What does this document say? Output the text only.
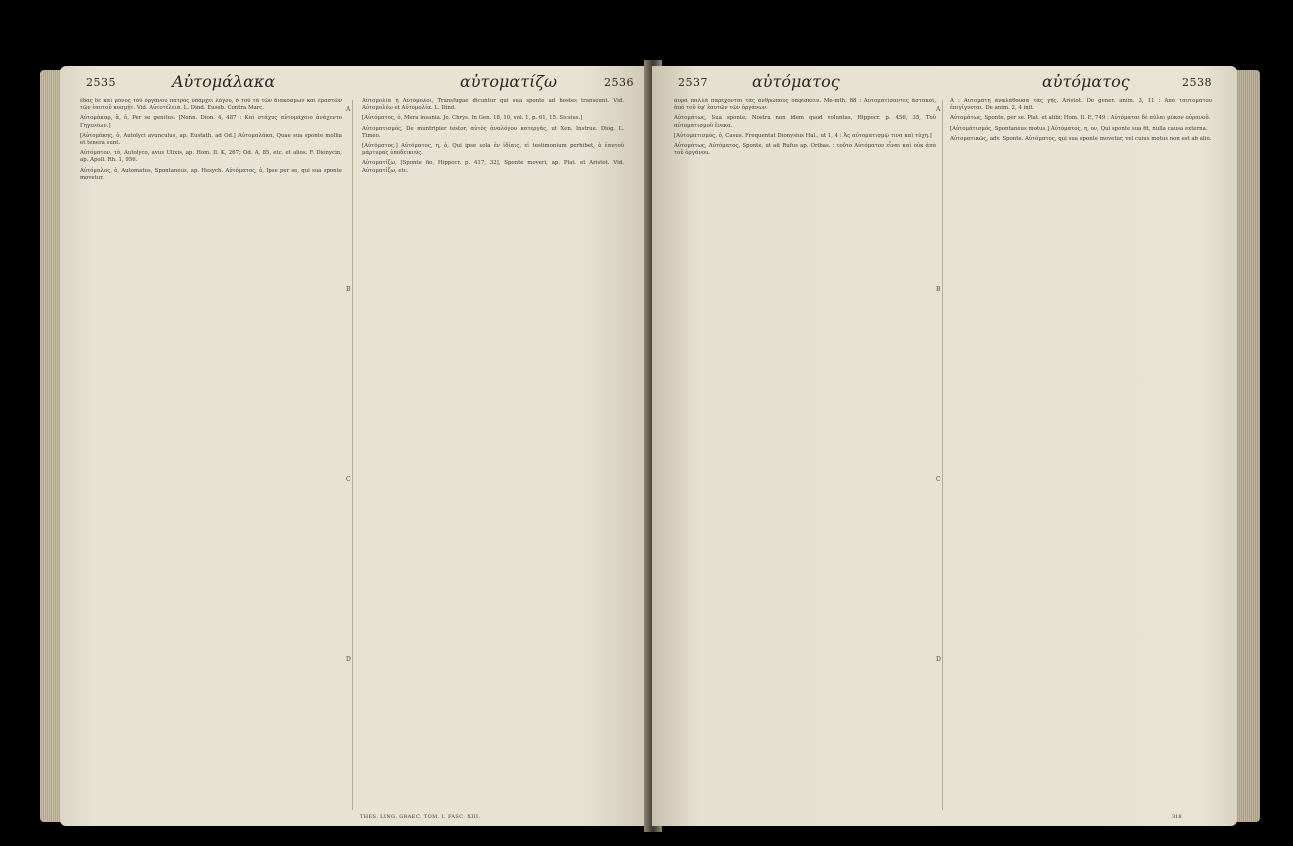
2535	Αὐτομάλακα	αὐτοματίζω	2536

ἔδας δὲ καὶ μόνος τοῦ ὀργάνου πατρὸς ὑπάρχει λόγου, ὁ τοῦ τὰ τῶν διακόσμων καὶ ἐραστῶν τῶν ἑαυτοῦ κοσμήτ. Vid. Αὐτοτέλεια. L. Dind. Euseb. Contra Marc.

Αὐτομάκαρ, ἂ, ὁ, Per se genitus. [Nonn. Dion. 4, 487 : Καὶ στάχυς αὐτομάχοιο ἀνάχεντο Γηγενέων.]

[Αὐτομάκης, ὁ, Autolyci avunculus, ap. Eustath. ad Od.] Αὐτομαλάκα, Quae sua sponte mollia et tenera sunt.

Αὐτόματον, τὸ, Autolyco, avus Ulixis, ap. Hom. Il. K, 267; Od. A, 85, etc. et alios. F. Dionycin, ap. Apoll. Rh. 1, 956.

Αὐτόμαλος, ὁ, Automatus, Spontaneus, ap. Hesych. Αὐτόματος, ὁ, Ipse per se, qui sua sponte movetur.

A
B
C
D

Αὐτομολία ἢ Αὐτόμολοι, Transfugae dicuntur qui sua sponte ad hostes transeunt. Vid. Αὐτομολέω et Αὐτομολία. L. Dind.

[Αὐτόματος, ὁ, Mera insania. Jo. Chrys. In Gen. 18, 10, vol. 1, p. 61, 15. Sicsius.]

Αὐτοματισμός, De muntripier testor, αὐτὸς ἀναλόγου κατεργάς, ut Xen. Instrue. Diog. L. Timeo.

[Αὐτόματος.] Αὐτόματος, η, ὁ, Qui ipse sola ἐν ἰδίαις, εἰ testimonium perhibet, ὁ ἑαυτοῦ μάρτυρας ὑποδεικνύς.

Αὐτοματίζω, [Sponte fio, Hippocr. p. 417, 32], Sponte moveri, ap. Plat. et Aristot. Vid. Αὐτοματίζω, etc.

THES. LING. GRAEC. TOM. I. FASC. XIII.
2537	αὐτόματος	αὐτόματος	2538

ἀυρὰ παλλὰ παρέχονται τὰς ἀνθρώπους ὀαφίσκειν. Me-mth. 88 : Αὐτοματίσαντες ἄστακοί, ἀπὸ τοῦ ἐφ' ἑαυτῶν τῶν ὀργάνων.

Αὐτομάτως, Sua sponte; Nostra non idem quod voluntas, Hippocr. p. 456, 35, Τοῦ αὐτοματισμοῦ ἔνεκα.

[Αὐτοματισμός, ὁ, Casus. Frequentat Dionysius Hal., ut 1, 4 : Ἀς αὐτοματισμῷ τινα καὶ τύχη.]

Αὐτομάτως, Αὐτόματος, Sponte, ut ait Rufus ap. Oribas. : τοῦτο Αὐτόματον εἶναι καὶ οὐκ ἀπὸ τοῦ ὀργάνου.

A
B
C
D

A : Αὐτομάτη ἀναλάθουσα τὰς γῆς. Aristot. De gener. anim. 3, 11 : Ἀπὸ ταυτομάτου ἐπιγίγνεται. De anim. 2, 4 init.

Αὐτομάτως, Sponte, per se. Plat. et alibi; Hom. Il. E, 749 : Αὐτόμαται δὲ πύλαι μύκον οὐρανοῦ.

[Αὐτομάτισμός, Spontaneus motus.] Αὐτόματος, η, ον, Qui sponte sua fit, nulla causa externa.

Αὐτοματικῶς, adv. Sponte. Αὐτόματος, qui sua sponte movetur, vel cuius motus non est ab alio.

318
